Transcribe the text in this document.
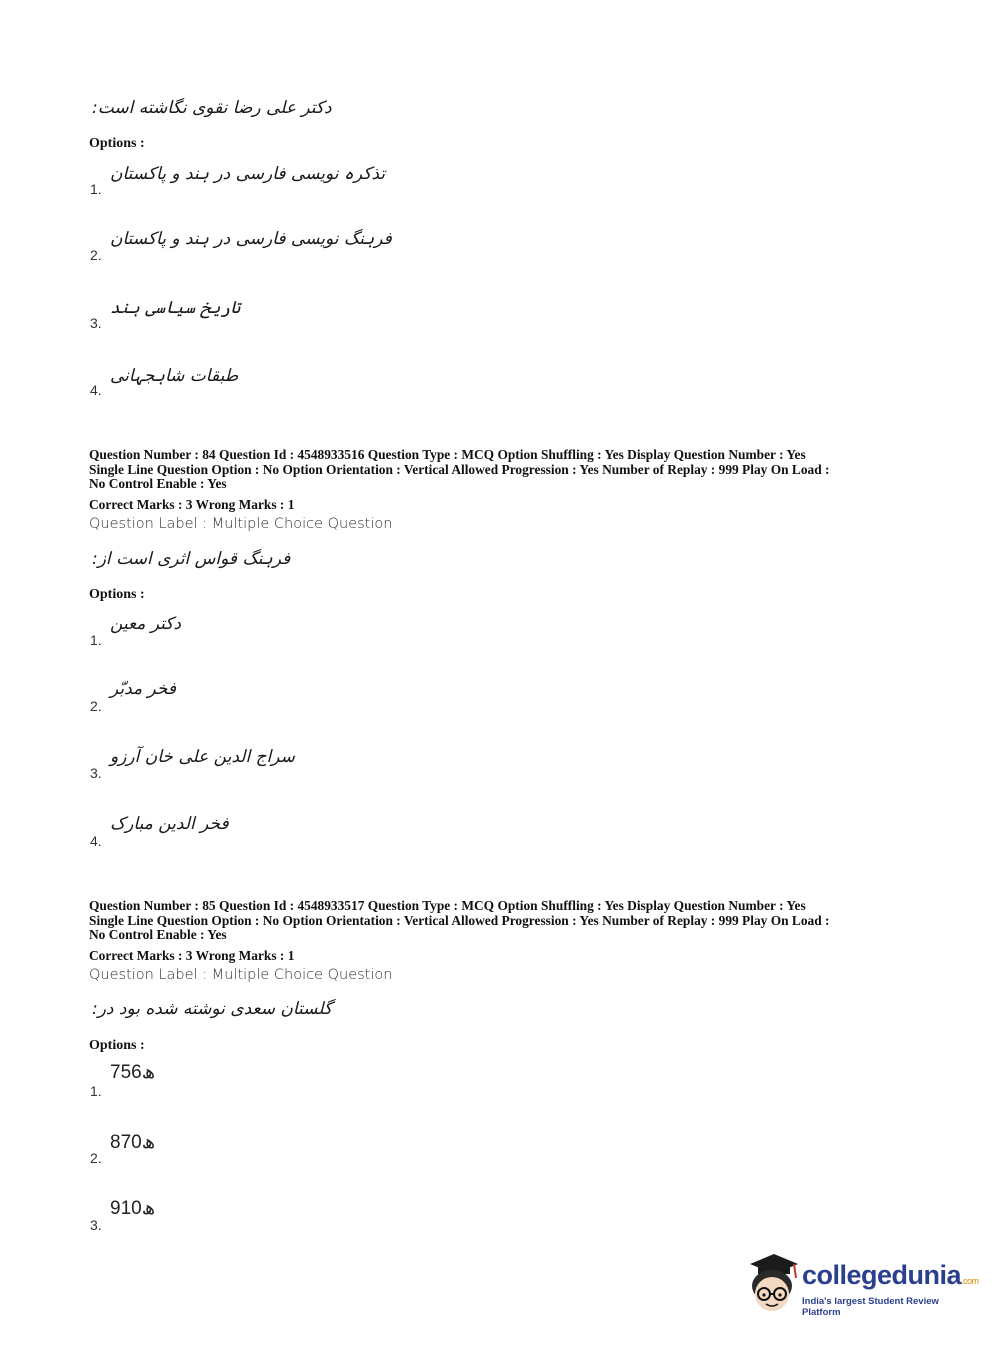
دکتر علی رضا نقوی نگاشته است:
Options :
1.
تذکرہ نویسی فارسی در ہند و پاکستان
2.
فرہنگ نویسی فارسی در ہند و پاکستان
3.
تاریخ سیاسی ہند
4.
طبقات شاہجہانی
Question Number : 84 Question Id : 4548933516 Question Type : MCQ Option Shuffling : Yes Display Question Number : Yes
Single Line Question Option : No Option Orientation : Vertical Allowed Progression : Yes Number of Replay : 999 Play On Load :
No Control Enable : Yes
Correct Marks : 3 Wrong Marks : 1
Question Label : Multiple Choice Question
فرہنگ قواس اثری است از:
Options :
1.
دکتر معین
2.
فخر مدبّر
3.
سراج الدین علی خان آرزو
4.
فخر الدین مبارک
Question Number : 85 Question Id : 4548933517 Question Type : MCQ Option Shuffling : Yes Display Question Number : Yes
Single Line Question Option : No Option Orientation : Vertical Allowed Progression : Yes Number of Replay : 999 Play On Load :
No Control Enable : Yes
Correct Marks : 3 Wrong Marks : 1
Question Label : Multiple Choice Question
گلستان سعدی نوشته شده بود در:
Options :
1.
756ھ
2.
870ھ
3.
910ھ
collegedunia.com
India's largest Student Review Platform
